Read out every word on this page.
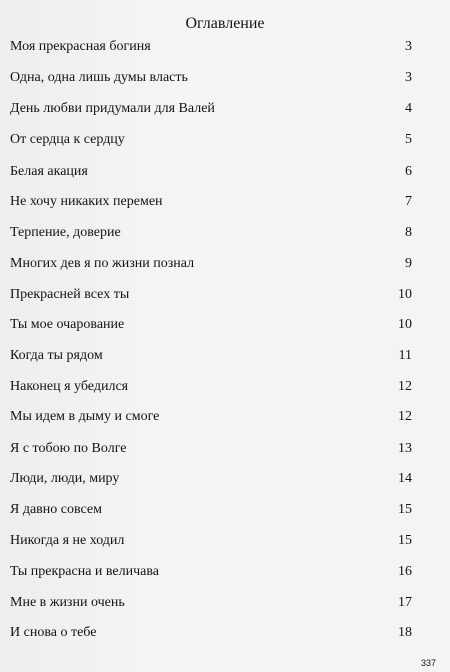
Оглавление
Моя прекрасная богиня	3
Одна, одна лишь думы власть	3
День любви придумали для Валей	4
От сердца к сердцу	5
Белая акация	6
Не хочу никаких перемен	7
Терпение, доверие	8
Многих дев я по жизни познал	9
Прекрасней всех ты	10
Ты мое очарование	10
Когда ты рядом	11
Наконец я убедился	12
Мы идем в дыму и смоге	12
Я с тобою по Волге	13
Люди, люди, миру	14
Я давно совсем	15
Никогда я не ходил	15
Ты прекрасна и величава	16
Мне в жизни очень	17
И снова о тебе	18
337
